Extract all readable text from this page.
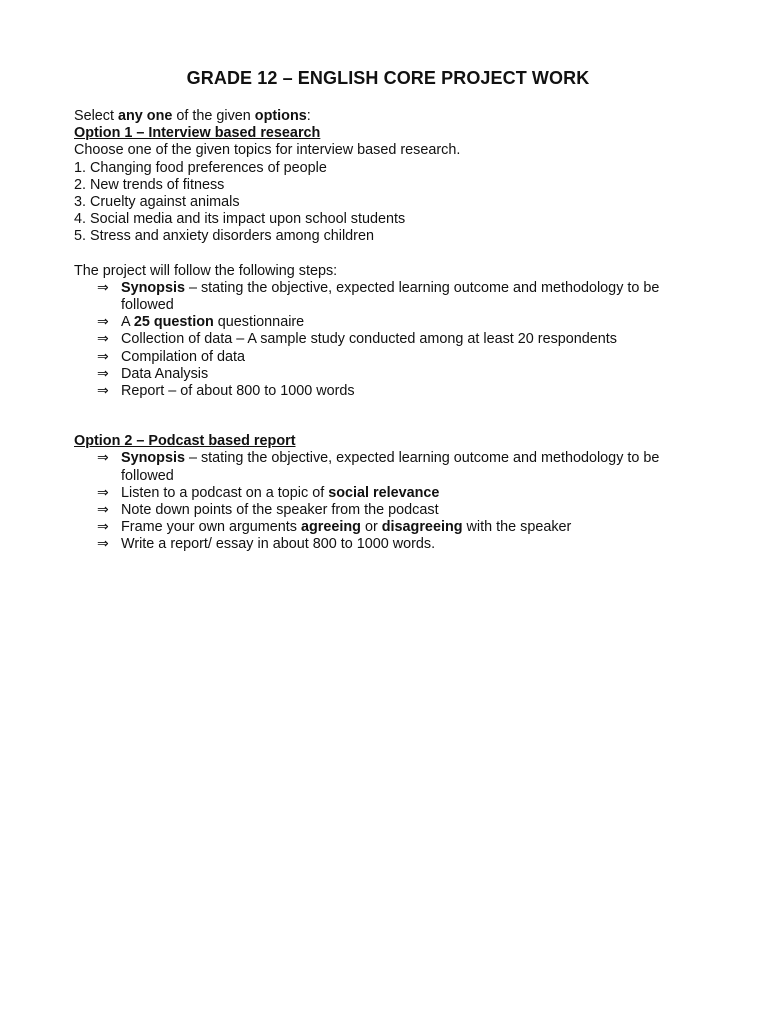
GRADE 12 – ENGLISH CORE PROJECT WORK
Select any one of the given options:
Option 1 – Interview based research
Choose one of the given topics for interview based research.
1. Changing food preferences of people
2. New trends of fitness
3. Cruelty against animals
4. Social media and its impact upon school students
5. Stress and anxiety disorders among children
The project will follow the following steps:
⇒ Synopsis – stating the objective, expected learning outcome and methodology to be followed
⇒ A 25 question questionnaire
⇒ Collection of data – A sample study conducted among at least 20 respondents
⇒ Compilation of data
⇒ Data Analysis
⇒ Report – of about 800 to 1000 words
Option 2 – Podcast based report
⇒ Synopsis – stating the objective, expected learning outcome and methodology to be followed
⇒ Listen to a podcast on a topic of social relevance
⇒ Note down points of the speaker from the podcast
⇒ Frame your own arguments agreeing or disagreeing with the speaker
⇒ Write a report/ essay in about 800 to 1000 words.
